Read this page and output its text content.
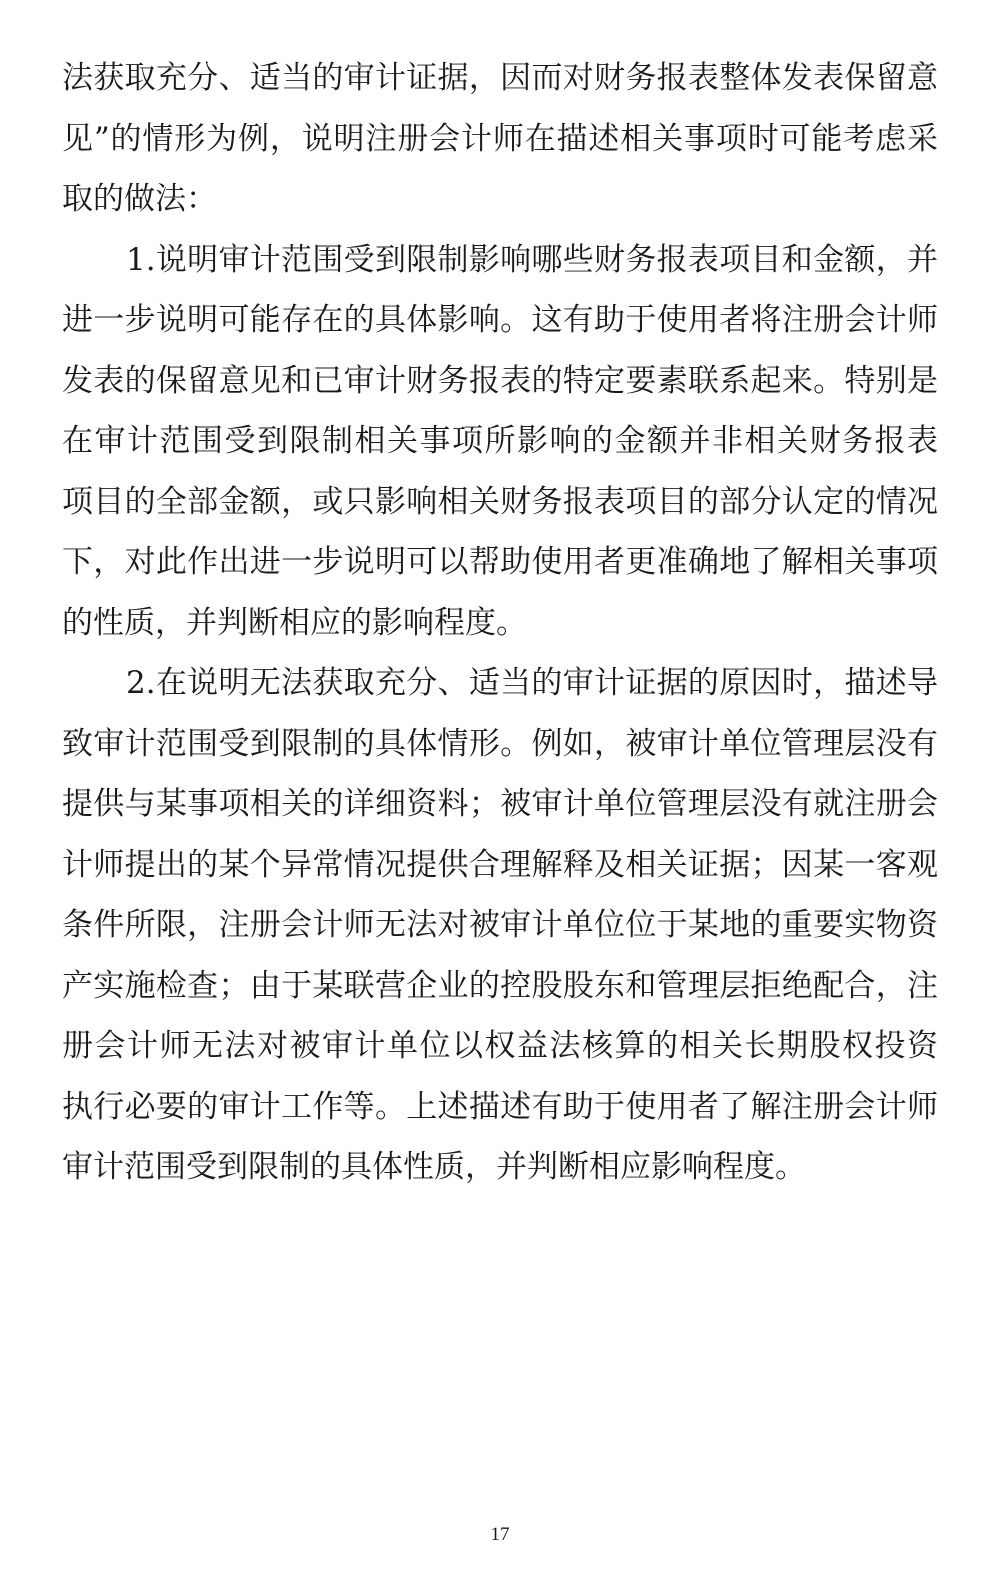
法获取充分、适当的审计证据，因而对财务报表整体发表保留意
见”的情形为例，说明注册会计师在描述相关事项时可能考虑采
取的做法：
1.说明审计范围受到限制影响哪些财务报表项目和金额，并
进一步说明可能存在的具体影响。这有助于使用者将注册会计师
发表的保留意见和已审计财务报表的特定要素联系起来。特别是
在审计范围受到限制相关事项所影响的金额并非相关财务报表
项目的全部金额，或只影响相关财务报表项目的部分认定的情况
下，对此作出进一步说明可以帮助使用者更准确地了解相关事项
的性质，并判断相应的影响程度。
2.在说明无法获取充分、适当的审计证据的原因时，描述导
致审计范围受到限制的具体情形。例如，被审计单位管理层没有
提供与某事项相关的详细资料；被审计单位管理层没有就注册会
计师提出的某个异常情况提供合理解释及相关证据；因某一客观
条件所限，注册会计师无法对被审计单位位于某地的重要实物资
产实施检查；由于某联营企业的控股股东和管理层拒绝配合，注
册会计师无法对被审计单位以权益法核算的相关长期股权投资
执行必要的审计工作等。上述描述有助于使用者了解注册会计师
审计范围受到限制的具体性质，并判断相应影响程度。
17
